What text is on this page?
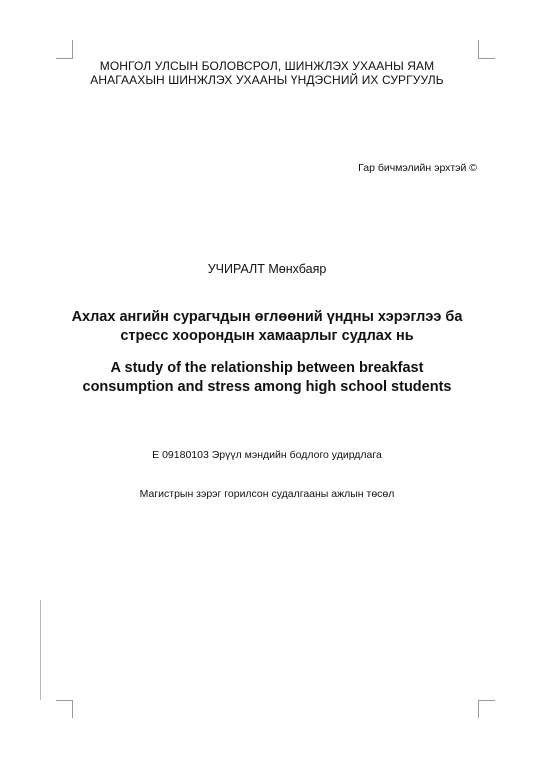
МОНГОЛ УЛСЫН БОЛОВСРОЛ, ШИНЖЛЭХ УХААНЫ ЯАМ
АНАГААХЫН ШИНЖЛЭХ УХААНЫ ҮНДЭСНИЙ ИХ СУРГУУЛЬ
Гар бичмэлийн эрхтэй ©
УЧИРАЛТ Мөнхбаяр
Ахлах ангийн сурагчдын өглөөний үндны хэрэглээ ба
стресс хоорондын хамаарлыг судлах нь
A study of the relationship between breakfast
consumption and stress among high school students
E 09180103 Эрүүл мэндийн бодлого удирдлага
Магистрын зэрэг горилсон судалгааны ажлын төсөл
